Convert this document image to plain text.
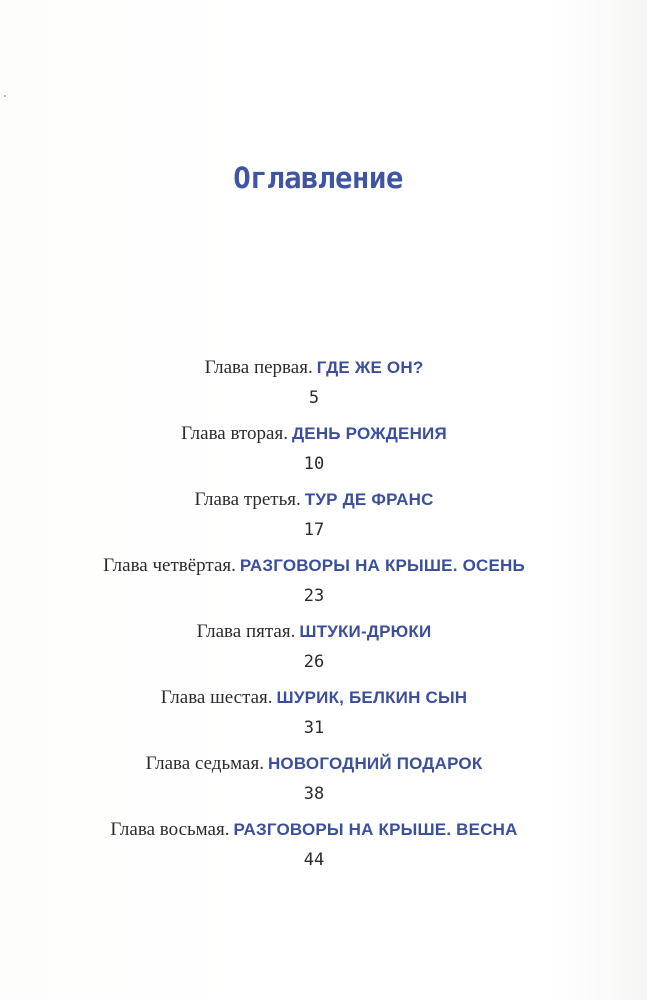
Оглавление
Глава первая. ГДЕ ЖЕ ОН?
5
Глава вторая. ДЕНЬ РОЖДЕНИЯ
10
Глава третья. ТУР ДЕ ФРАНС
17
Глава четвёртая. РАЗГОВОРЫ НА КРЫШЕ. ОСЕНЬ
23
Глава пятая. ШТУКИ-ДРЮКИ
26
Глава шестая. ШУРИК, БЕЛКИН СЫН
31
Глава седьмая. НОВОГОДНИЙ ПОДАРОК
38
Глава восьмая. РАЗГОВОРЫ НА КРЫШЕ. ВЕСНА
44
